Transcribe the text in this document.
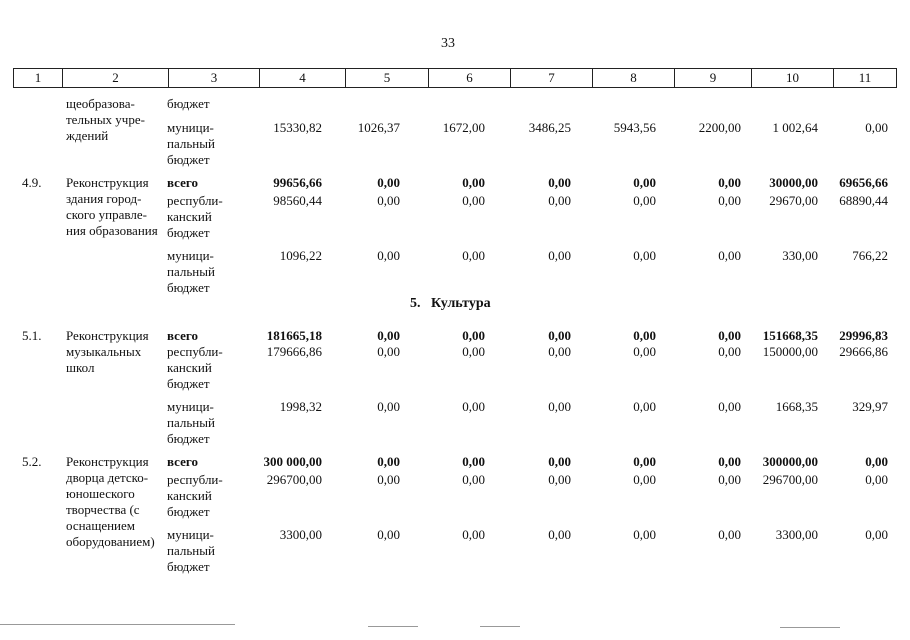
33
1	2	3	4	5	6	7	8	9	10	11
щеобразова-
тельных учре-
ждений
бюджет
муници-
пальный
бюджет
15330,82	1026,37	1672,00	3486,25	5943,56	2200,00	1 002,64	0,00
4.9. Реконструкция
здания город-
ского управле-
ния образования
всего	99656,66	0,00	0,00	0,00	0,00	0,00	30000,00	69656,66
республи-
канский
бюджет
98560,44	0,00	0,00	0,00	0,00	0,00	29670,00	68890,44
муници-
пальный
бюджет
1096,22	0,00	0,00	0,00	0,00	0,00	330,00	766,22
5.1. Реконструкция
музыкальных
школ
всего	181665,18	0,00	0,00	0,00	0,00	0,00	151668,35	29996,83
республи-
канский
бюджет
179666,86	0,00	0,00	0,00	0,00	0,00	150000,00	29666,86
муници-
пальный
бюджет
1998,32	0,00	0,00	0,00	0,00	0,00	1668,35	329,97
5.2. Реконструкция
дворца детско-
юношеского
творчества (с
оснащением
оборудованием)
всего	300 000,00	0,00	0,00	0,00	0,00	0,00	300000,00	0,00
республи-
канский
бюджет
296700,00	0,00	0,00	0,00	0,00	0,00	296700,00	0,00
муници-
пальный
бюджет
3300,00	0,00	0,00	0,00	0,00	0,00	3300,00	0,00
5. Культура
